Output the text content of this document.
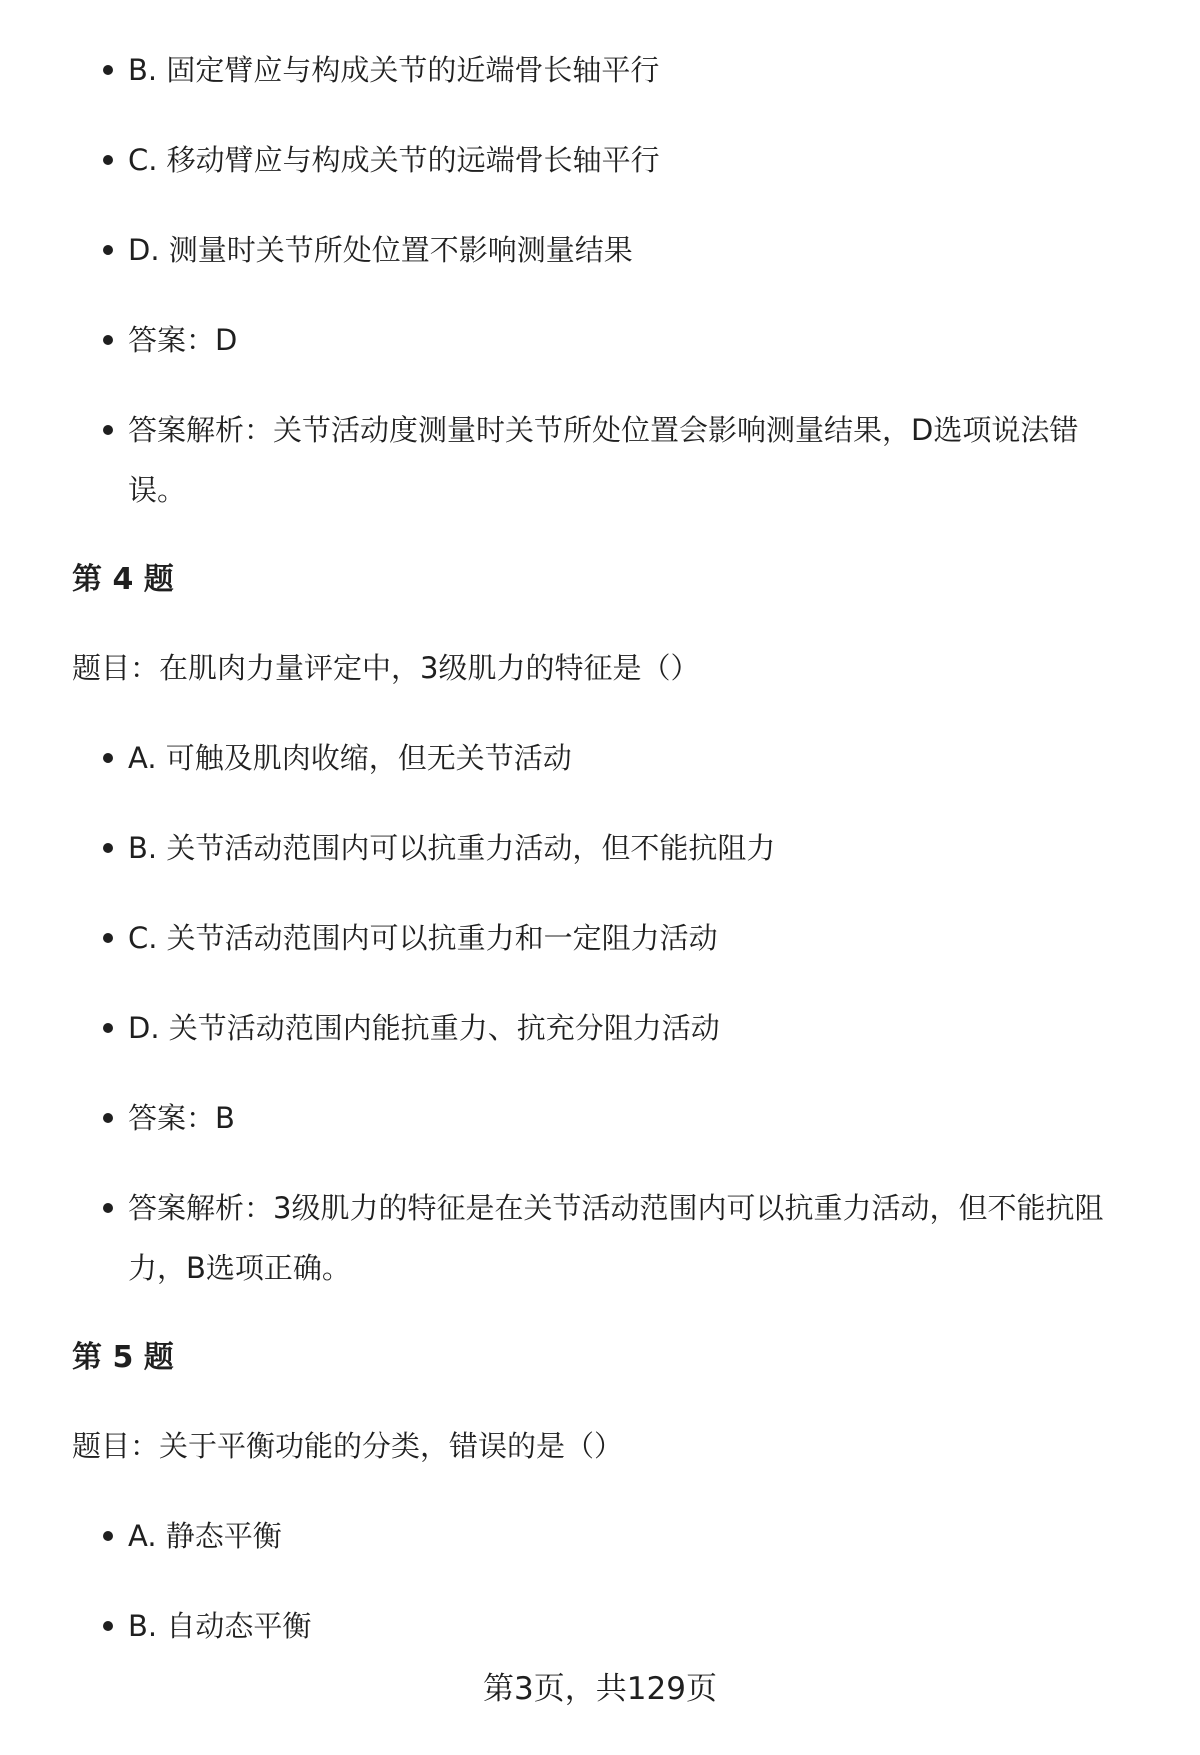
B. 固定臂应与构成关节的近端骨长轴平行
C. 移动臂应与构成关节的远端骨长轴平行
D. 测量时关节所处位置不影响测量结果
答案：D
答案解析：关节活动度测量时关节所处位置会影响测量结果，D选项说法错误。
第 4 题
题目：在肌肉力量评定中，3级肌力的特征是（）
A. 可触及肌肉收缩，但无关节活动
B. 关节活动范围内可以抗重力活动，但不能抗阻力
C. 关节活动范围内可以抗重力和一定阻力活动
D. 关节活动范围内能抗重力、抗充分阻力活动
答案：B
答案解析：3级肌力的特征是在关节活动范围内可以抗重力活动，但不能抗阻力，B选项正确。
第 5 题
题目：关于平衡功能的分类，错误的是（）
A. 静态平衡
B. 自动态平衡
第3页，共129页
